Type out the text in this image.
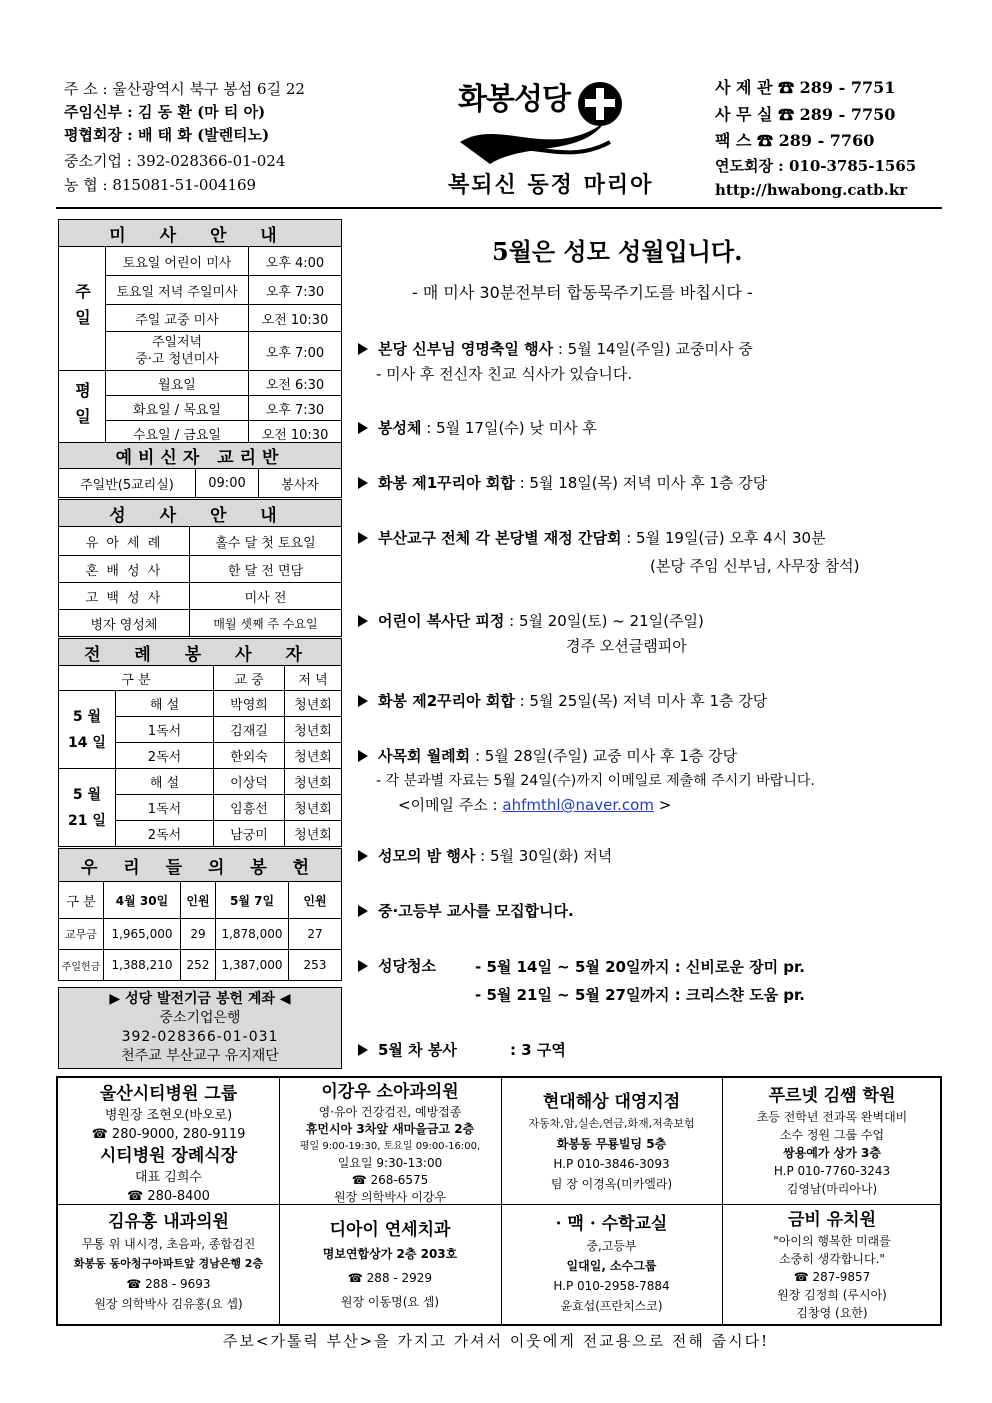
주 소 : 울산광역시 북구 봉섬 6길 22
주임신부 : 김 동 환 (마 티 아)
평협회장 : 배 태 화 (발렌티노)
중소기업 : 392-028366-01-024
농 협 : 815081-51-004169
화봉성당
복되신 동정 마리아
사 제 관 ☎ 289 - 7751
사 무 실 ☎ 289 - 7750
팩 스 ☎ 289 - 7760
연도회장 : 010-3785-1565
http://hwabong.catb.kr
미 사 안 내		
주일	토요일 어린이 미사	오후 4:00
	토요일 저녁 주일미사	오후 7:30
	주일 교중 미사	오전 10:30
	주일저녁
중·고 청년미사	오후 7:00
평일	월요일	오전 6:30
	화요일 / 목요일	오후 7:30
	수요일 / 금요일	오전 10:30
예비신자 교리반
주일반(5교리실)	09:00	봉사자
성 사 안 내	
유 아 세 례	홀수 달 첫 토요일
혼 배 성 사	한 달 전 면담
고 백 성 사	미사 전
병자 영성체	매월 셋째 주 수요일
전 례 봉 사 자			
구 분		교 중	저 녁
5 월
14 일	해 설	박영희	청년회
	1독서	김재길	청년회
	2독서	한외숙	청년회
5 월
21 일	해 설	이상덕	청년회
	1독서	임흥선	청년회
	2독서	남궁미	청년회
우 리 들 의 봉 헌				
구 분	4월 30일	인원	5월 7일	인원
교무금	1,965,000	29	1,878,000	27
주일헌금	1,388,210	252	1,387,000	253
▶ 성당 발전기금 봉헌 계좌 ◀
중소기업은행
392-028366-01-031
천주교 부산교구 유지재단
5월은 성모 성월입니다.
- 매 미사 30분전부터 합동묵주기도를 바칩시다 -
본당 신부님 영명축일 행사 : 5월 14일(주일) 교중미사 중
- 미사 후 전신자 친교 식사가 있습니다.
봉성체 : 5월 17일(수) 낮 미사 후
화봉 제1꾸리아 회합 : 5월 18일(목) 저녁 미사 후 1층 강당
부산교구 전체 각 본당별 재정 간담회 : 5월 19일(금) 오후 4시 30분
(본당 주임 신부님, 사무장 참석)
어린이 복사단 피정 : 5월 20일(토) ~ 21일(주일)
경주 오션글램피아
화봉 제2꾸리아 회합 : 5월 25일(목) 저녁 미사 후 1층 강당
사목회 월례회 : 5월 28일(주일) 교중 미사 후 1층 강당
- 각 분과별 자료는 5월 24일(수)까지 이메일로 제출해 주시기 바랍니다.
<이메일 주소 : ahfmthl@naver.com >
성모의 밤 행사 : 5월 30일(화) 저녁
중·고등부 교사를 모집합니다.
성당청소	- 5월 14일 ~ 5월 20일까지 : 신비로운 장미 pr.
- 5월 21일 ~ 5월 27일까지 : 크리스챤 도움 pr.
5월 차 봉사	: 3 구역
울산시티병원 그룹
병원장 조현오(바오로)
☎ 280-9000, 280-9119
시티병원 장례식장
대표 김희수
☎ 280-8400
이강우 소아과의원
영·유아 건강검진, 예방접종
휴먼시아 3차앞 새마을금고 2층
평일 9:00-19:30, 토요일 09:00-16:00,
일요일 9:30-13:00
☎ 268-6575
원장 의학박사 이강우
현대해상 대영지점
자동차,암,실손,연금,화재,저축보험
화봉동 무룡빌딩 5층
H.P 010-3846-3093
팀 장 이경옥(미카엘라)
푸르넷 김쌤 학원
초등 전학년 전과목 완벽대비
소수 정원 그룹 수업
쌍용예가 상가 3층
H.P 010-7760-3243
김영남(마리아나)
김유홍 내과의원
무통 위 내시경, 초음파, 종합검진
화봉동 동아청구아파트앞 경남은행 2층
☎ 288 - 9693
원장 의학박사 김유홍(요 셉)
디아이 연세치과
명보연합상가 2층 203호
☎ 288 - 2929
원장 이동명(요 셉)
· 맥 · 수학교실
중,고등부
일대일, 소수그룹
H.P 010-2958-7884
윤효섭(프란치스코)
금비 유치원
"아이의 행복한 미래를
소중히 생각합니다."
☎ 287-9857
원장 김정희 (루시아)
김창영 (요한)
주보<가톨릭 부산>을 가지고 가셔서 이웃에게 전교용으로 전해 줍시다!
